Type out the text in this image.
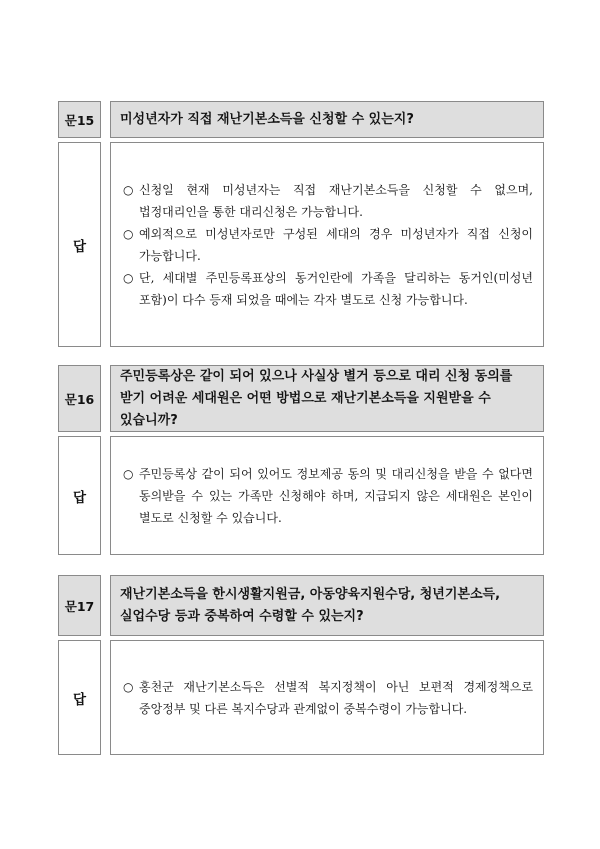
문15	미성년자가 직접 재난기본소득을 신청할 수 있는지?
답
○ 신청일 현재 미성년자는 직접 재난기본소득을 신청할 수 없으며, 법정대리인을 통한 대리신청은 가능합니다.
○ 예외적으로 미성년자로만 구성된 세대의 경우 미성년자가 직접 신청이 가능합니다.
○ 단, 세대별 주민등록표상의 동거인란에 가족을 달리하는 동거인(미성년 포함)이 다수 등재 되었을 때에는 각자 별도로 신청 가능합니다.
문16
주민등록상은 같이 되어 있으나 사실상 별거 등으로 대리 신청 동의를 받기 어려운 세대원은 어떤 방법으로 재난기본소득을 지원받을 수 있습니까?
답
○ 주민등록상 같이 되어 있어도 정보제공 동의 및 대리신청을 받을 수 없다면 동의받을 수 있는 가족만 신청해야 하며, 지급되지 않은 세대원은 본인이 별도로 신청할 수 있습니다.
문17
재난기본소득을 한시생활지원금, 아동양육지원수당, 청년기본소득, 실업수당 등과 중복하여 수령할 수 있는지?
답
○ 홍천군 재난기본소득은 선별적 복지정책이 아닌 보편적 경제정책으로 중앙정부 및 다른 복지수당과 관계없이 중복수령이 가능합니다.
